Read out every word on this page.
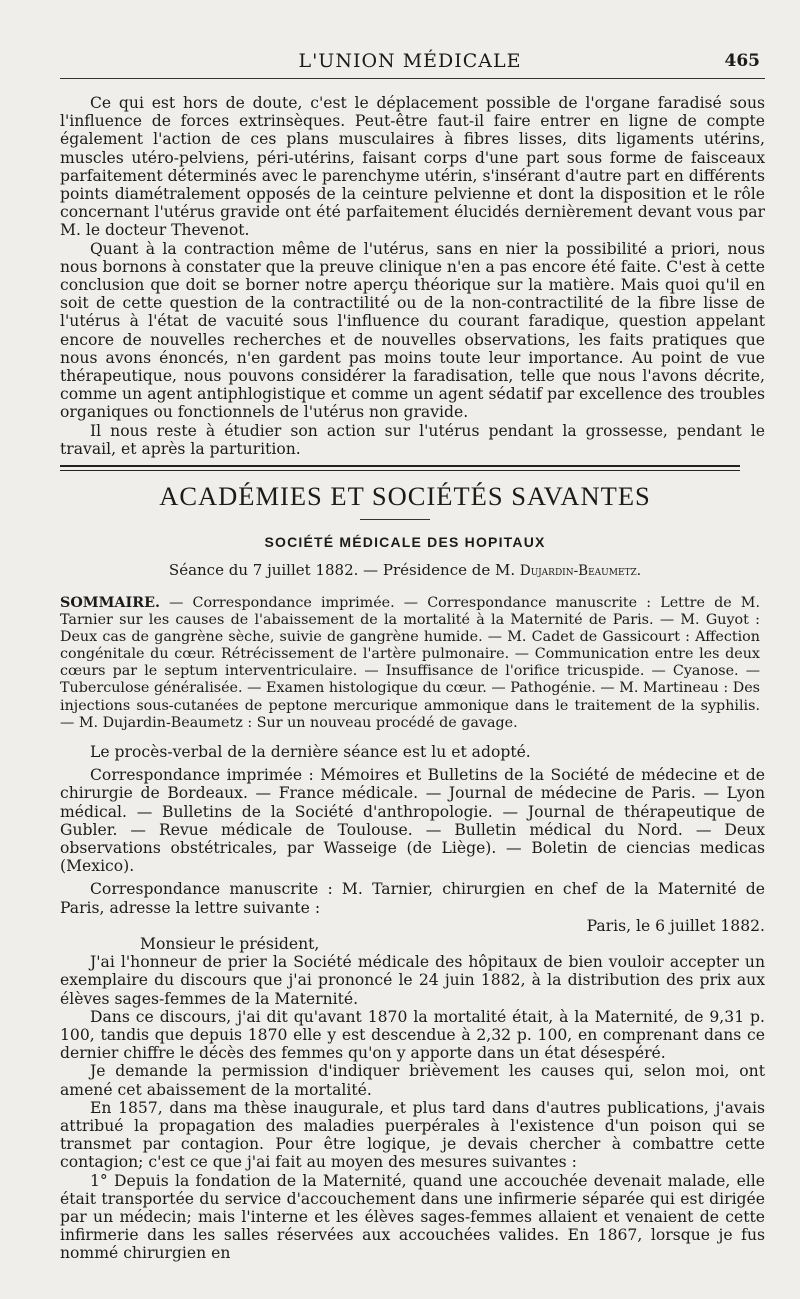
L'UNION MÉDICALE	465

Ce qui est hors de doute, c'est le déplacement possible de l'organe faradisé sous l'influence de forces extrinsèques. Peut-être faut-il faire entrer en ligne de compte également l'action de ces plans musculaires à fibres lisses, dits ligaments utérins, muscles utéro-pelviens, péri-utérins, faisant corps d'une part sous forme de faisceaux parfaitement déterminés avec le parenchyme utérin, s'insérant d'autre part en différents points diamétralement opposés de la ceinture pelvienne et dont la disposition et le rôle concernant l'utérus gravide ont été parfaitement élucidés dernièrement devant vous par M. le docteur Thevenot.

Quant à la contraction même de l'utérus, sans en nier la possibilité a priori, nous nous bornons à constater que la preuve clinique n'en a pas encore été faite. C'est à cette conclusion que doit se borner notre aperçu théorique sur la matière. Mais quoi qu'il en soit de cette question de la contractilité ou de la non-contractilité de la fibre lisse de l'utérus à l'état de vacuité sous l'influence du courant faradique, question appelant encore de nouvelles recherches et de nouvelles observations, les faits pratiques que nous avons énoncés, n'en gardent pas moins toute leur importance. Au point de vue thérapeutique, nous pouvons considérer la faradisation, telle que nous l'avons décrite, comme un agent antiphlogistique et comme un agent sédatif par excellence des troubles organiques ou fonctionnels de l'utérus non gravide.

Il nous reste à étudier son action sur l'utérus pendant la grossesse, pendant le travail, et après la parturition.

ACADÉMIES ET SOCIÉTÉS SAVANTES
SOCIÉTÉ MÉDICALE DES HOPITAUX
Séance du 7 juillet 1882. — Présidence de M. Dujardin-Beaumetz.
SOMMAIRE. — Correspondance imprimée. — Correspondance manuscrite : Lettre de M. Tarnier sur les causes de l'abaissement de la mortalité à la Maternité de Paris. — M. Guyot : Deux cas de gangrène sèche, suivie de gangrène humide. — M. Cadet de Gassicourt : Affection congénitale du cœur. Rétrécissement de l'artère pulmonaire. — Communication entre les deux cœurs par le septum interventriculaire. — Insuffisance de l'orifice tricuspide. — Cyanose. — Tuberculose généralisée. — Examen histologique du cœur. — Pathogénie. — M. Martineau : Des injections sous-cutanées de peptone mercurique ammonique dans le traitement de la syphilis. — M. Dujardin-Beaumetz : Sur un nouveau procédé de gavage.

Le procès-verbal de la dernière séance est lu et adopté.

Correspondance imprimée : Mémoires et Bulletins de la Société de médecine et de chirurgie de Bordeaux. — France médicale. — Journal de médecine de Paris. — Lyon médical. — Bulletins de la Société d'anthropologie. — Journal de thérapeutique de Gubler. — Revue médicale de Toulouse. — Bulletin médical du Nord. — Deux observations obstétricales, par Wasseige (de Liège). — Boletin de ciencias medicas (Mexico).

Correspondance manuscrite : M. Tarnier, chirurgien en chef de la Maternité de Paris, adresse la lettre suivante :

Paris, le 6 juillet 1882.

Monsieur le président,

J'ai l'honneur de prier la Société médicale des hôpitaux de bien vouloir accepter un exemplaire du discours que j'ai prononcé le 24 juin 1882, à la distribution des prix aux élèves sages-femmes de la Maternité.

Dans ce discours, j'ai dit qu'avant 1870 la mortalité était, à la Maternité, de 9,31 p. 100, tandis que depuis 1870 elle y est descendue à 2,32 p. 100, en comprenant dans ce dernier chiffre le décès des femmes qu'on y apporte dans un état désespéré.

Je demande la permission d'indiquer brièvement les causes qui, selon moi, ont amené cet abaissement de la mortalité.

En 1857, dans ma thèse inaugurale, et plus tard dans d'autres publications, j'avais attribué la propagation des maladies puerpérales à l'existence d'un poison qui se transmet par contagion. Pour être logique, je devais chercher à combattre cette contagion; c'est ce que j'ai fait au moyen des mesures suivantes :

1° Depuis la fondation de la Maternité, quand une accouchée devenait malade, elle était transportée du service d'accouchement dans une infirmerie séparée qui est dirigée par un médecin; mais l'interne et les élèves sages-femmes allaient et venaient de cette infirmerie dans les salles réservées aux accouchées valides. En 1867, lorsque je fus nommé chirurgien en
